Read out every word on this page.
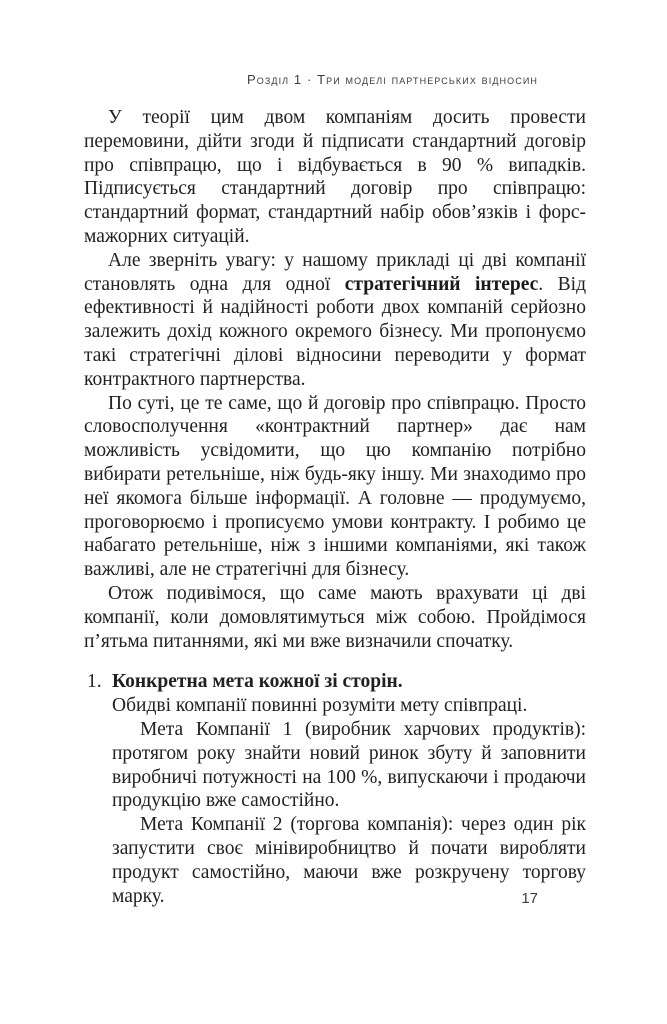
Розділ 1 · Три моделі партнерських відносин

У теорії цим двом компаніям досить провести перемовини, дійти згоди й підписати стандартний договір про співпрацю, що і відбувається в 90 % випадків. Підписується стандартний договір про співпрацю: стандартний формат, стандартний набір обов’язків і форс-мажорних ситуацій.

Але зверніть увагу: у нашому прикладі ці дві компанії становлять одна для одної стратегічний інтерес. Від ефективності й надійності роботи двох компаній серйозно залежить дохід кожного окремого бізнесу. Ми пропонуємо такі стратегічні ділові відносини переводити у формат контрактного партнерства.

По суті, це те саме, що й договір про співпрацю. Просто словосполучення «контрактний партнер» дає нам можливість усвідомити, що цю компанію потрібно вибирати ретельніше, ніж будь-яку іншу. Ми знаходимо про неї якомога більше інформації. А головне — продумуємо, проговорюємо і прописуємо умови контракту. І робимо це набагато ретельніше, ніж з іншими компаніями, які також важливі, але не стратегічні для бізнесу.

Отож подивімося, що саме мають врахувати ці дві компанії, коли домовлятимуться між собою. Пройдімося п’ятьма питаннями, які ми вже визначили спочатку.

1. Конкретна мета кожної зі сторін.

Обидві компанії повинні розуміти мету співпраці.

Мета Компанії 1 (виробник харчових продуктів): протягом року знайти новий ринок збуту й заповнити виробничі потужності на 100 %, випускаючи і продаючи продукцію вже самостійно.

Мета Компанії 2 (торгова компанія): через один рік запустити своє мінівиробництво й почати виробляти продукт самостійно, маючи вже розкручену торгову марку.	17
